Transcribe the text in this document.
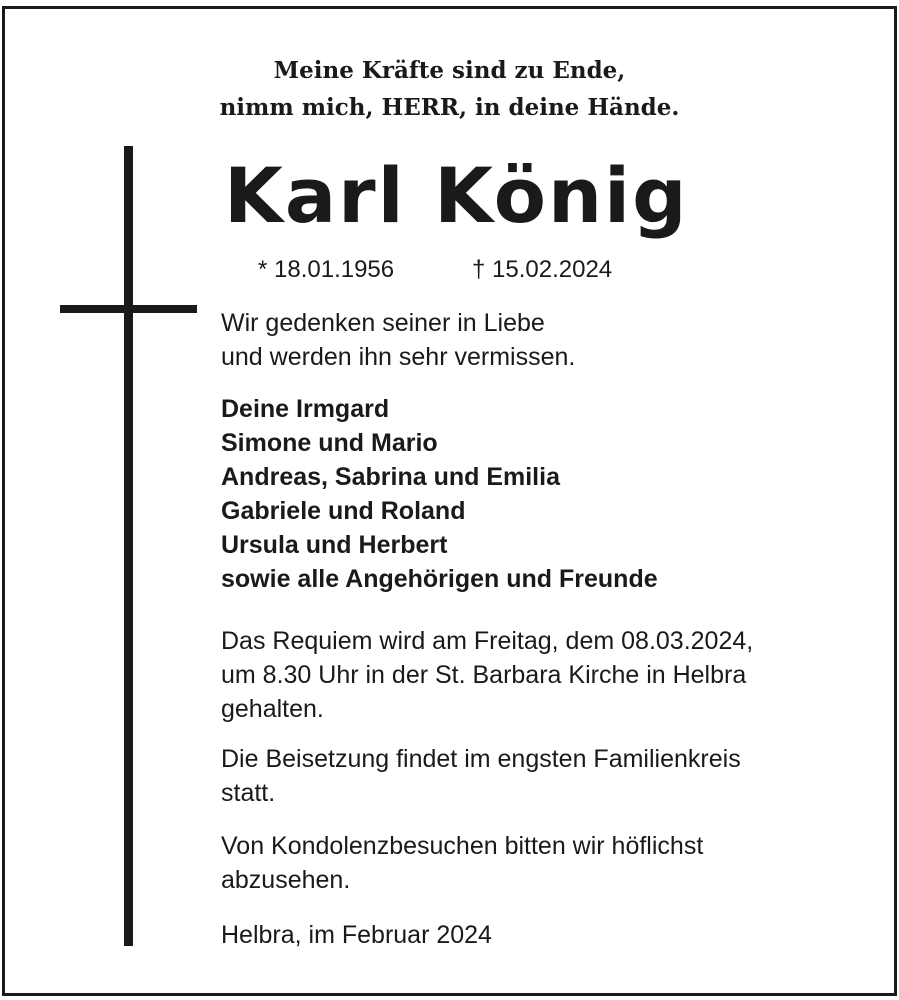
Meine Kräfte sind zu Ende,
nimm mich, HERR, in deine Hände.
Karl König
* 18.01.1956	† 15.02.2024
Wir gedenken seiner in Liebe
und werden ihn sehr vermissen.
Deine Irmgard
Simone und Mario
Andreas, Sabrina und Emilia
Gabriele und Roland
Ursula und Herbert
sowie alle Angehörigen und Freunde
Das Requiem wird am Freitag, dem 08.03.2024,
um 8.30 Uhr in der St. Barbara Kirche in Helbra
gehalten.
Die Beisetzung findet im engsten Familienkreis
statt.
Von Kondolenzbesuchen bitten wir höflichst
abzusehen.
Helbra, im Februar 2024
